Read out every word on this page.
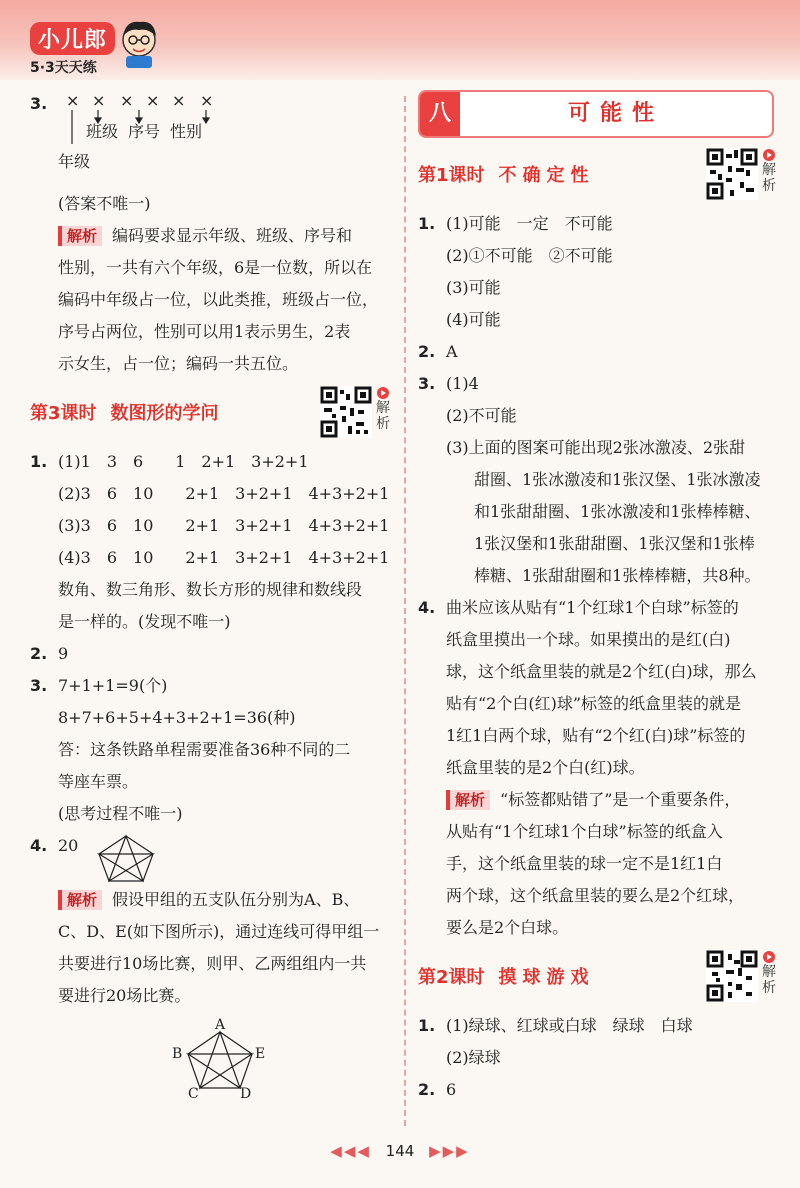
小儿郎
5·3天天练
3.	× × × × × ×
班级 序号 性别
年级
(答案不唯一)
解析 编码要求显示年级、班级、序号和
性别，一共有六个年级，6是一位数，所以在
编码中年级占一位，以此类推，班级占一位，
序号占两位，性别可以用1表示男生，2表
示女生，占一位；编码一共五位。
第3课时 数图形的学问	解析
1. (1)1　3　6　　1　2+1　3+2+1
(2)3　6　10　　2+1　3+2+1　4+3+2+1
(3)3　6　10　　2+1　3+2+1　4+3+2+1
(4)3　6　10　　2+1　3+2+1　4+3+2+1
数角、数三角形、数长方形的规律和数线段
是一样的。(发现不唯一)
2. 9
3. 7+1+1=9(个)
8+7+6+5+4+3+2+1=36(种)
答：这条铁路单程需要准备36种不同的二
等座车票。
(思考过程不唯一)
4. 20
解析 假设甲组的五支队伍分别为A、B、
C、D、E(如下图所示)，通过连线可得甲组一
共要进行10场比赛，则甲、乙两组组内一共
要进行20场比赛。
A
B	E
C	D
八	可能性
第1课时 不确定性	解析
1. (1)可能　一定　不可能
(2)①不可能　②不可能
(3)可能
(4)可能
2. A
3. (1)4
(2)不可能
(3)上面的图案可能出现2张冰激凌、2张甜
甜圈、1张冰激凌和1张汉堡、1张冰激凌
和1张甜甜圈、1张冰激凌和1张棒棒糖、
1张汉堡和1张甜甜圈、1张汉堡和1张棒
棒糖、1张甜甜圈和1张棒棒糖，共8种。
4. 曲米应该从贴有“1个红球1个白球”标签的
纸盒里摸出一个球。如果摸出的是红(白)
球，这个纸盒里装的就是2个红(白)球，那么
贴有“2个白(红)球”标签的纸盒里装的就是
1红1白两个球，贴有“2个红(白)球”标签的
纸盒里装的是2个白(红)球。
解析 “标签都贴错了”是一个重要条件，
从贴有“1个红球1个白球”标签的纸盒入
手，这个纸盒里装的球一定不是1红1白
两个球，这个纸盒里装的要么是2个红球，
要么是2个白球。
第2课时 摸球游戏	解析
1. (1)绿球、红球或白球　绿球　白球
(2)绿球
2. 6
◀◀◀ 144 ▶▶▶
